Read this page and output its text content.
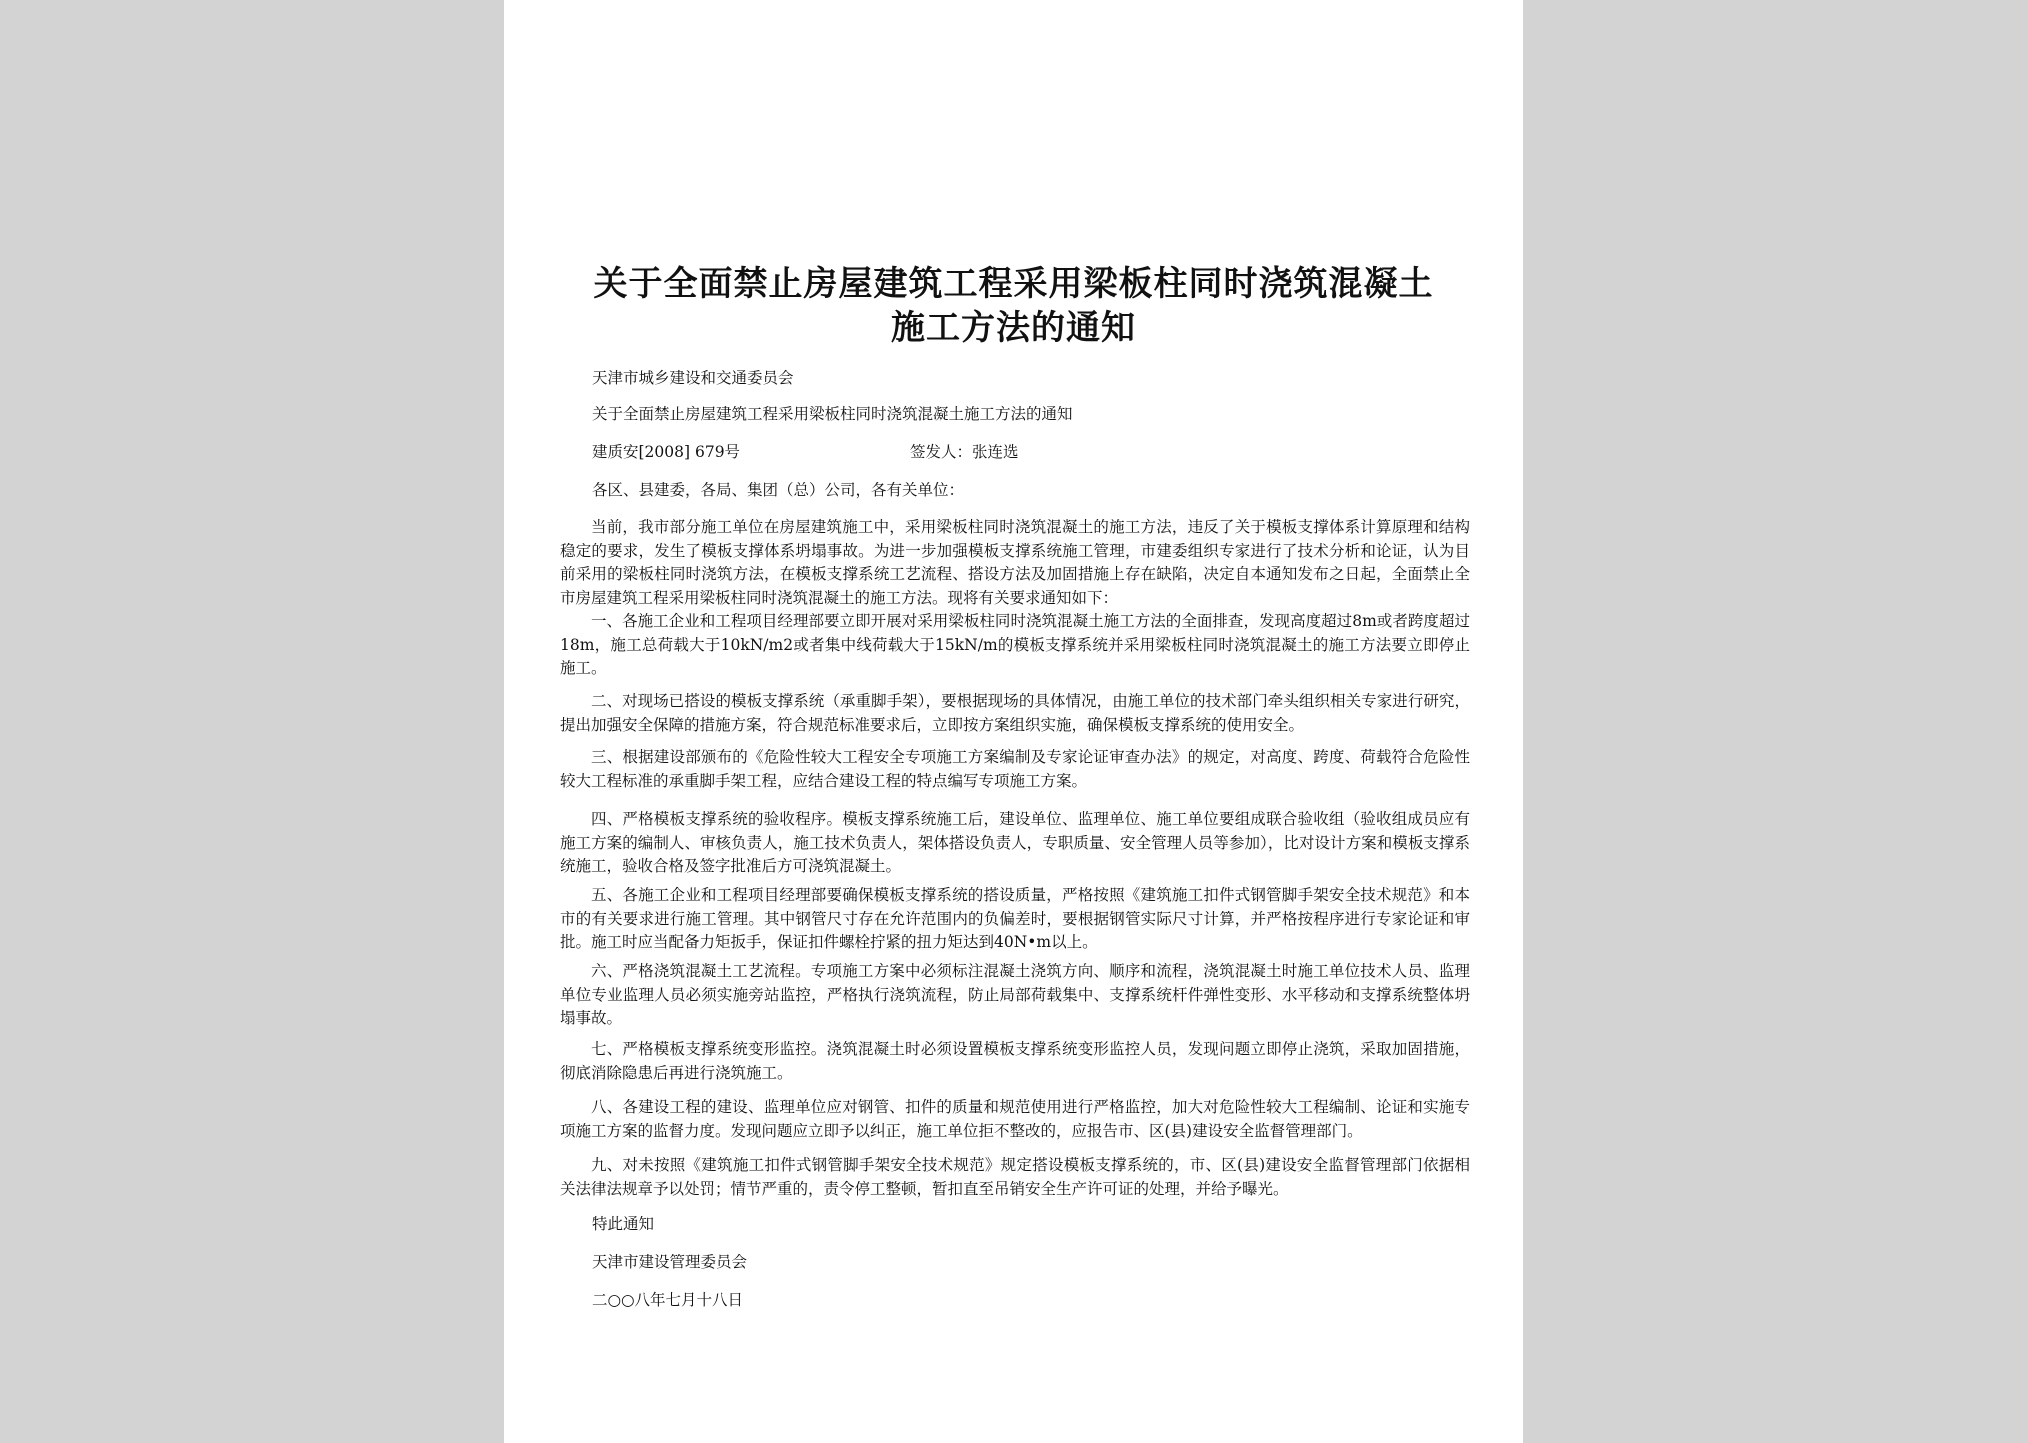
关于全面禁止房屋建筑工程采用梁板柱同时浇筑混凝土
施工方法的通知
天津市城乡建设和交通委员会
关于全面禁止房屋建筑工程采用梁板柱同时浇筑混凝土施工方法的通知
建质安[2008] 679号	签发人：张连选
各区、县建委，各局、集团（总）公司，各有关单位：
当前，我市部分施工单位在房屋建筑施工中，采用梁板柱同时浇筑混凝土的施工方法，违反了关于模板支撑体系计算原理和结构稳定的要求，发生了模板支撑体系坍塌事故。为进一步加强模板支撑系统施工管理，市建委组织专家进行了技术分析和论证，认为目前采用的梁板柱同时浇筑方法，在模板支撑系统工艺流程、搭设方法及加固措施上存在缺陷，决定自本通知发布之日起，全面禁止全市房屋建筑工程采用梁板柱同时浇筑混凝土的施工方法。现将有关要求通知如下：
一、各施工企业和工程项目经理部要立即开展对采用梁板柱同时浇筑混凝土施工方法的全面排查，发现高度超过8m或者跨度超过18m，施工总荷载大于10kN/m2或者集中线荷载大于15kN/m的模板支撑系统并采用梁板柱同时浇筑混凝土的施工方法要立即停止施工。
二、对现场已搭设的模板支撑系统（承重脚手架），要根据现场的具体情况，由施工单位的技术部门牵头组织相关专家进行研究，提出加强安全保障的措施方案，符合规范标准要求后，立即按方案组织实施，确保模板支撑系统的使用安全。
三、根据建设部颁布的《危险性较大工程安全专项施工方案编制及专家论证审查办法》的规定，对高度、跨度、荷载符合危险性较大工程标准的承重脚手架工程，应结合建设工程的特点编写专项施工方案。
四、严格模板支撑系统的验收程序。模板支撑系统施工后，建设单位、监理单位、施工单位要组成联合验收组（验收组成员应有施工方案的编制人、审核负责人，施工技术负责人，架体搭设负责人，专职质量、安全管理人员等参加），比对设计方案和模板支撑系统施工，验收合格及签字批准后方可浇筑混凝土。
五、各施工企业和工程项目经理部要确保模板支撑系统的搭设质量，严格按照《建筑施工扣件式钢管脚手架安全技术规范》和本市的有关要求进行施工管理。其中钢管尺寸存在允许范围内的负偏差时，要根据钢管实际尺寸计算，并严格按程序进行专家论证和审批。施工时应当配备力矩扳手，保证扣件螺栓拧紧的扭力矩达到40N•m以上。
六、严格浇筑混凝土工艺流程。专项施工方案中必须标注混凝土浇筑方向、顺序和流程，浇筑混凝土时施工单位技术人员、监理单位专业监理人员必须实施旁站监控，严格执行浇筑流程，防止局部荷载集中、支撑系统杆件弹性变形、水平移动和支撑系统整体坍塌事故。
七、严格模板支撑系统变形监控。浇筑混凝土时必须设置模板支撑系统变形监控人员，发现问题立即停止浇筑，采取加固措施，彻底消除隐患后再进行浇筑施工。
八、各建设工程的建设、监理单位应对钢管、扣件的质量和规范使用进行严格监控，加大对危险性较大工程编制、论证和实施专项施工方案的监督力度。发现问题应立即予以纠正，施工单位拒不整改的，应报告市、区(县)建设安全监督管理部门。
九、对未按照《建筑施工扣件式钢管脚手架安全技术规范》规定搭设模板支撑系统的，市、区(县)建设安全监督管理部门依据相关法律法规章予以处罚；情节严重的，责令停工整顿，暂扣直至吊销安全生产许可证的处理，并给予曝光。
特此通知
天津市建设管理委员会
二○○八年七月十八日
